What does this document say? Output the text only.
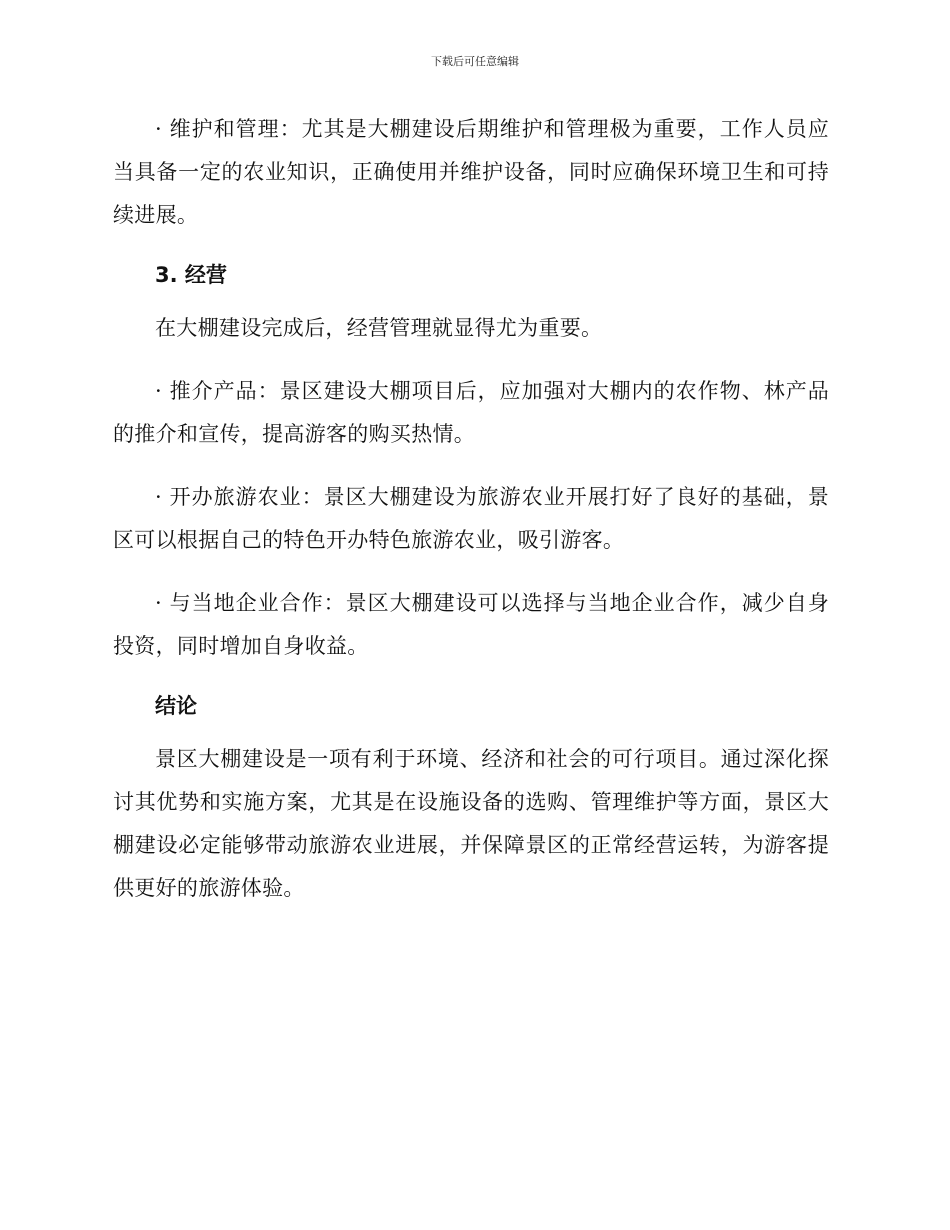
下载后可任意编辑

· 维护和管理：尤其是大棚建设后期维护和管理极为重要，工作人员应当具备一定的农业知识，正确使用并维护设备，同时应确保环境卫生和可持续进展。

3. 经营

在大棚建设完成后，经营管理就显得尤为重要。

· 推介产品：景区建设大棚项目后，应加强对大棚内的农作物、林产品的推介和宣传，提高游客的购买热情。

· 开办旅游农业：景区大棚建设为旅游农业开展打好了良好的基础，景区可以根据自己的特色开办特色旅游农业，吸引游客。

· 与当地企业合作：景区大棚建设可以选择与当地企业合作，减少自身投资，同时增加自身收益。

结论

景区大棚建设是一项有利于环境、经济和社会的可行项目。通过深化探讨其优势和实施方案，尤其是在设施设备的选购、管理维护等方面，景区大棚建设必定能够带动旅游农业进展，并保障景区的正常经营运转，为游客提供更好的旅游体验。
